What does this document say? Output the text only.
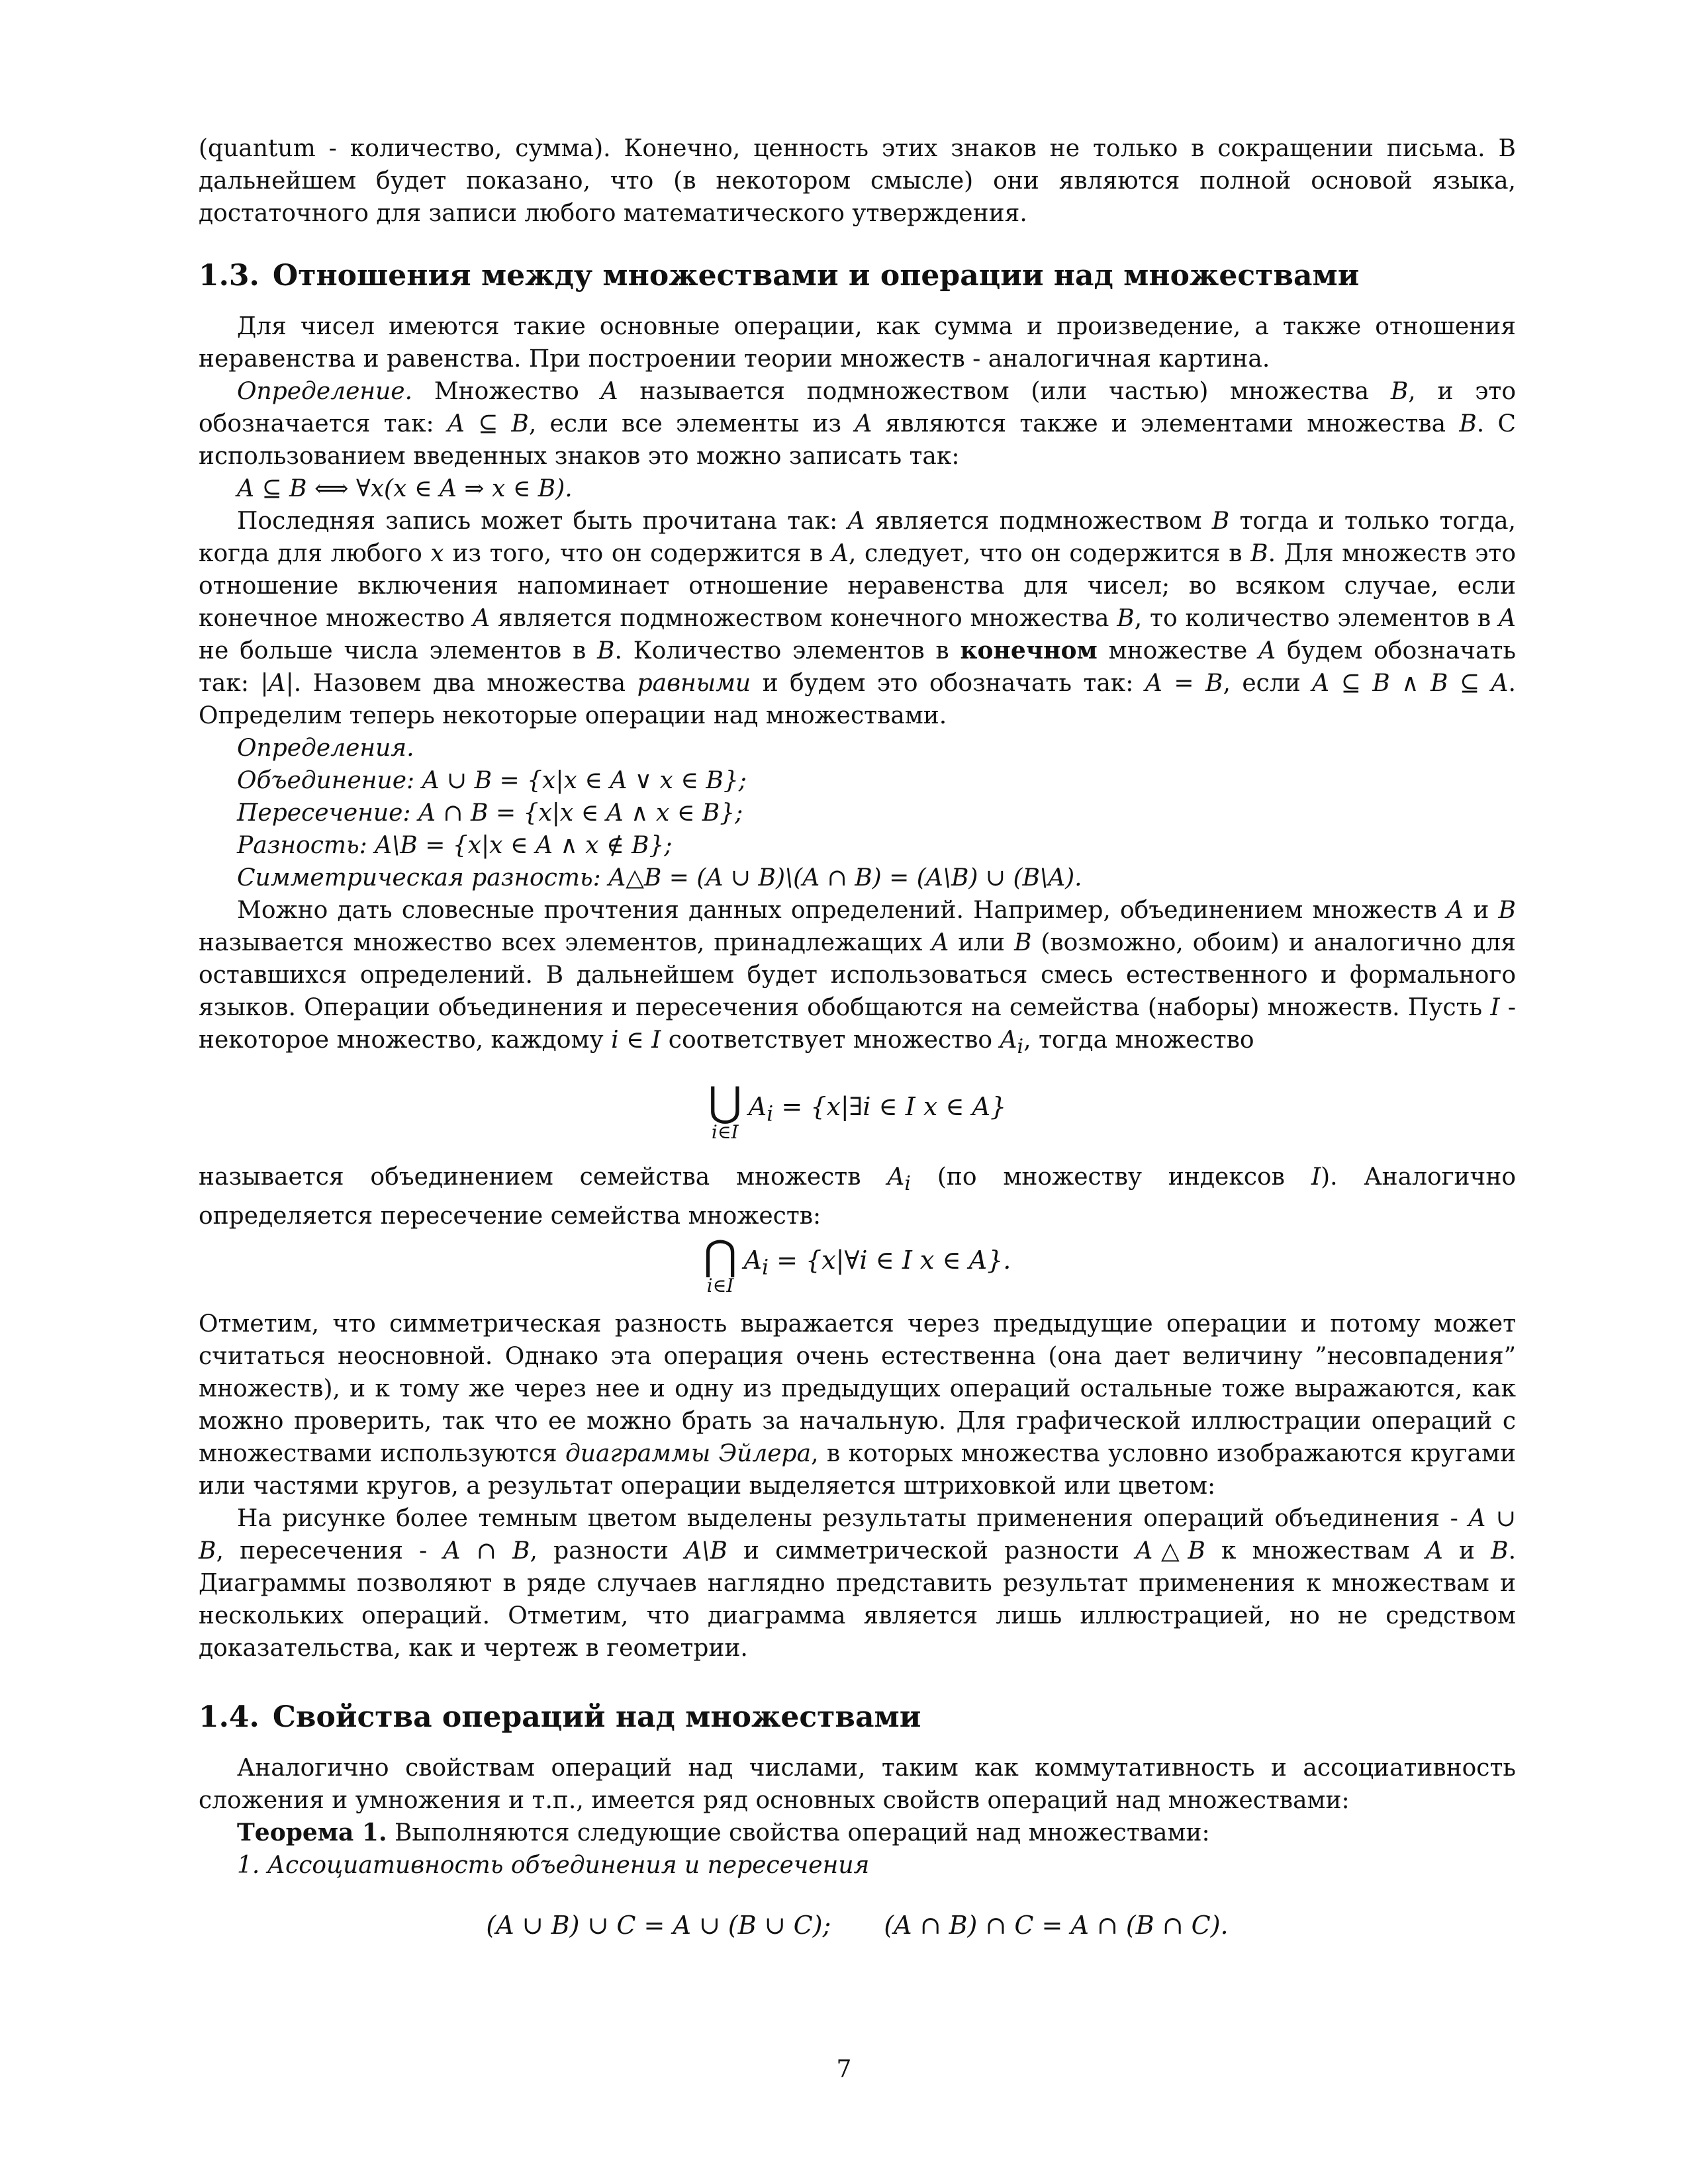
(quantum - количество, сумма). Конечно, ценность этих знаков не только в сокращении письма. В дальнейшем будет показано, что (в некотором смысле) они являются полной основой языка, достаточного для записи любого математического утверждения.

1.3. Отношения между множествами и операции над множествами

Для чисел имеются такие основные операции, как сумма и произведение, а также отношения неравенства и равенства. При построении теории множеств - аналогичная картина.

Определение. Множество A называется подмножеством (или частью) множества B, и это обозначается так: A ⊆ B, если все элементы из A являются также и элементами множества B. С использованием введенных знаков это можно записать так:

A ⊆ B ⟺ ∀x(x ∈ A ⇒ x ∈ B).

Последняя запись может быть прочитана так: A является подмножеством B тогда и только тогда, когда для любого x из того, что он содержится в A, следует, что он содержится в B. Для множеств это отношение включения напоминает отношение неравенства для чисел; во всяком случае, если конечное множество A является подмножеством конечного множества B, то количество элементов в A не больше числа элементов в B. Количество элементов в конечном множестве A будем обозначать так: |A|. Назовем два множества равными и будем это обозначать так: A = B, если A ⊆ B ∧ B ⊆ A. Определим теперь некоторые операции над множествами.

Определения.
Объединение: A ∪ B = {x|x ∈ A ∨ x ∈ B};
Пересечение: A ∩ B = {x|x ∈ A ∧ x ∈ B};
Разность: A\B = {x|x ∈ A ∧ x ∉ B};
Симметрическая разность: A△B = (A ∪ B)\(A ∩ B) = (A\B) ∪ (B\A).

Можно дать словесные прочтения данных определений. Например, объединением множеств A и B называется множество всех элементов, принадлежащих A или B (возможно, обоим) и аналогично для оставшихся определений. В дальнейшем будет использоваться смесь естественного и формального языков. Операции объединения и пересечения обобщаются на семейства (наборы) множеств. Пусть I - некоторое множество, каждому i ∈ I соответствует множество $A_i$, тогда множество

⋃
i∈I
$A_i$ = {x|∃i ∈ I x ∈ A}

называется объединением семейства множеств $A_i$ (по множеству индексов I). Аналогично определяется пересечение семейства множеств:

⋂
i∈I
$A_i$ = {x|∀i ∈ I x ∈ A}.

Отметим, что симметрическая разность выражается через предыдущие операции и потому может считаться неосновной. Однако эта операция очень естественна (она дает величину ”несовпадения” множеств), и к тому же через нее и одну из предыдущих операций остальные тоже выражаются, как можно проверить, так что ее можно брать за начальную. Для графической иллюстрации операций с множествами используются диаграммы Эйлера, в которых множества условно изображаются кругами или частями кругов, а результат операции выделяется штриховкой или цветом:

На рисунке более темным цветом выделены результаты применения операций объединения - A ∪ B, пересечения - A ∩ B, разности A\B и симметрической разности A△B к множествам A и B. Диаграммы позволяют в ряде случаев наглядно представить результат применения к множествам и нескольких операций. Отметим, что диаграмма является лишь иллюстрацией, но не средством доказательства, как и чертеж в геометрии.

1.4. Свойства операций над множествами

Аналогично свойствам операций над числами, таким как коммутативность и ассоциативность сложения и умножения и т.п., имеется ряд основных свойств операций над множествами:

Теорема 1. Выполняются следующие свойства операций над множествами:
1. Ассоциативность объединения и пересечения
(A ∪ B) ∪ C = A ∪ (B ∪ C); (A ∩ B) ∩ C = A ∩ (B ∩ C).
7
